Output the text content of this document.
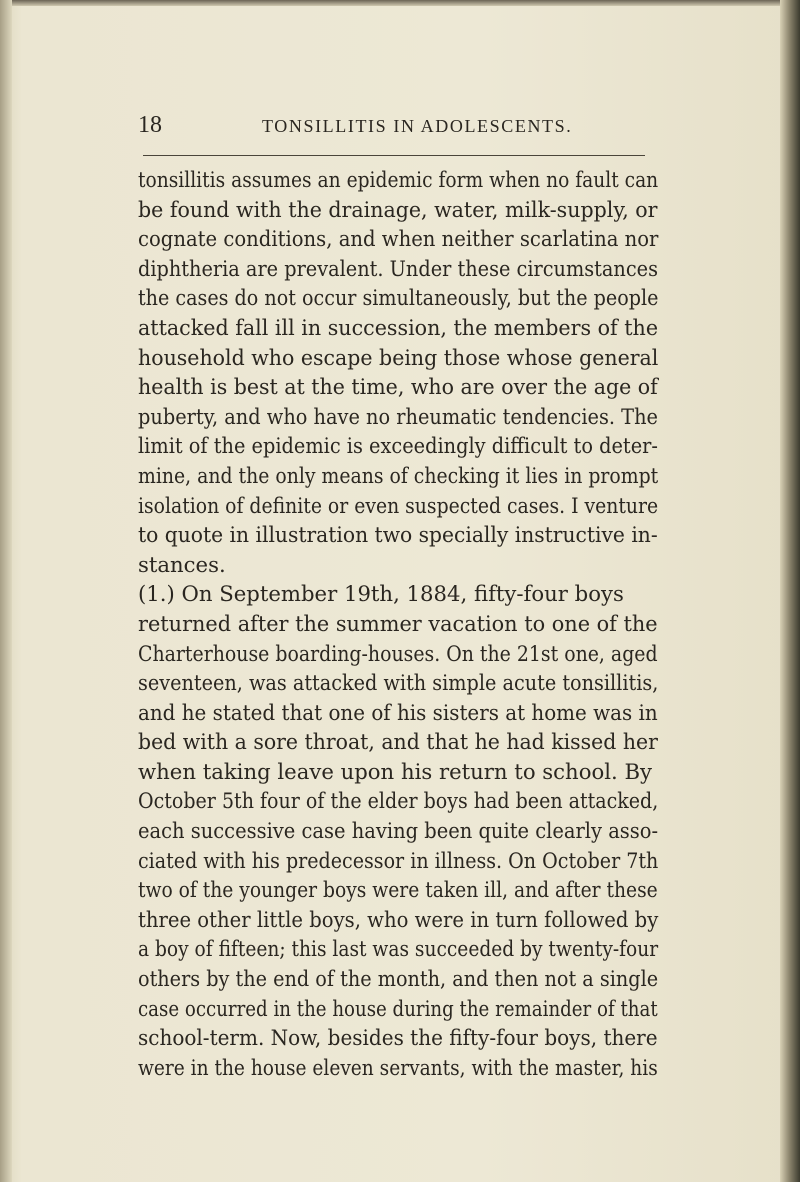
18	TONSILLITIS IN ADOLESCENTS.
tonsillitis assumes an epidemic form when no fault can
be found with the drainage, water, milk-supply, or
cognate conditions, and when neither scarlatina nor
diphtheria are prevalent. Under these circumstances
the cases do not occur simultaneously, but the people
attacked fall ill in succession, the members of the
household who escape being those whose general
health is best at the time, who are over the age of
puberty, and who have no rheumatic tendencies. The
limit of the epidemic is exceedingly difficult to deter-
mine, and the only means of checking it lies in prompt
isolation of definite or even suspected cases. I venture
to quote in illustration two specially instructive in-
stances.
(1.) On September 19th, 1884, fifty-four boys
returned after the summer vacation to one of the
Charterhouse boarding-houses. On the 21st one, aged
seventeen, was attacked with simple acute tonsillitis,
and he stated that one of his sisters at home was in
bed with a sore throat, and that he had kissed her
when taking leave upon his return to school. By
October 5th four of the elder boys had been attacked,
each successive case having been quite clearly asso-
ciated with his predecessor in illness. On October 7th
two of the younger boys were taken ill, and after these
three other little boys, who were in turn followed by
a boy of fifteen; this last was succeeded by twenty-four
others by the end of the month, and then not a single
case occurred in the house during the remainder of that
school-term. Now, besides the fifty-four boys, there
were in the house eleven servants, with the master, his
